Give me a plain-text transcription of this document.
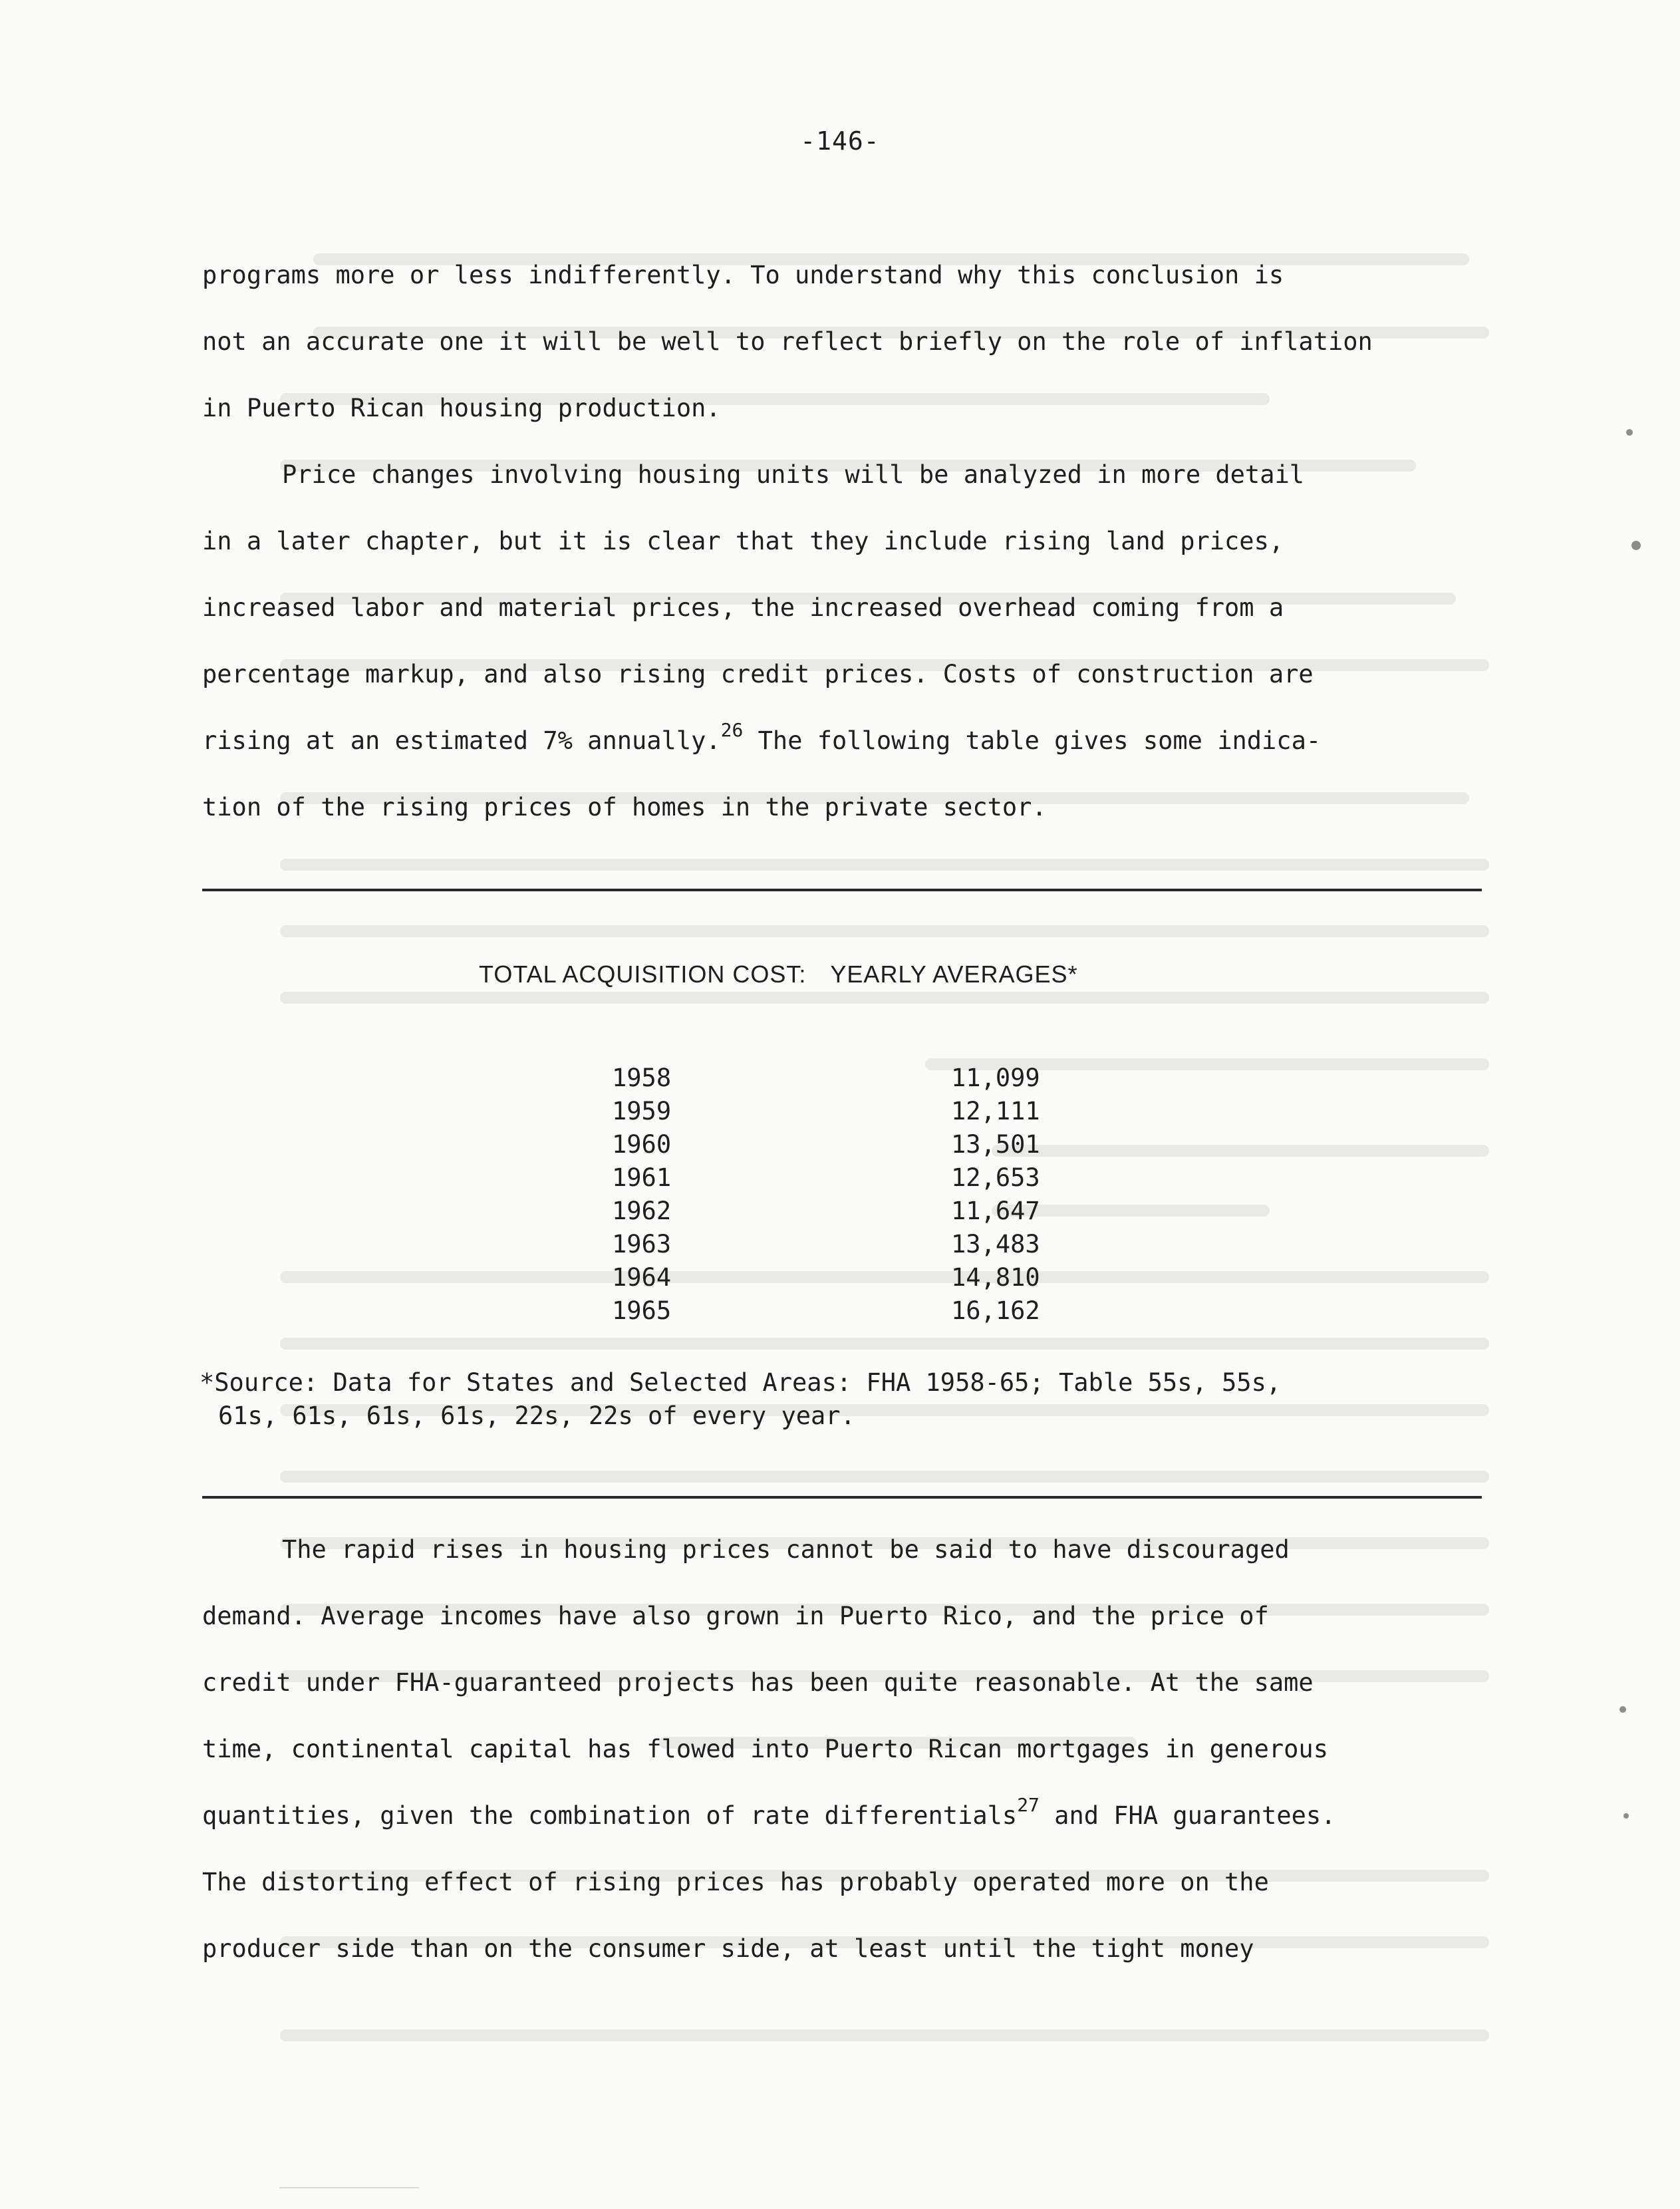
-146-

programs more or less indifferently. To understand why this conclusion is
not an accurate one it will be well to reflect briefly on the role of inflation
in Puerto Rican housing production.

Price changes involving housing units will be analyzed in more detail
in a later chapter, but it is clear that they include rising land prices,
increased labor and material prices, the increased overhead coming from a
percentage markup, and also rising credit prices. Costs of construction are
rising at an estimated 7% annually.$^{26}$ The following table gives some indica-
tion of the rising prices of homes in the private sector.

TOTAL ACQUISITION COST: YEARLY AVERAGES*
1958	11,099
1959	12,111
1960	13,501
1961	12,653
1962	11,647
1963	13,483
1964	14,810
1965	16,162

*Source: Data for States and Selected Areas: FHA 1958-65; Table 55s, 55s,
61s, 61s, 61s, 61s, 22s, 22s of every year.

The rapid rises in housing prices cannot be said to have discouraged
demand. Average incomes have also grown in Puerto Rico, and the price of
credit under FHA-guaranteed projects has been quite reasonable. At the same
time, continental capital has flowed into Puerto Rican mortgages in generous
quantities, given the combination of rate differentials$^{27}$ and FHA guarantees.
The distorting effect of rising prices has probably operated more on the
producer side than on the consumer side, at least until the tight money
